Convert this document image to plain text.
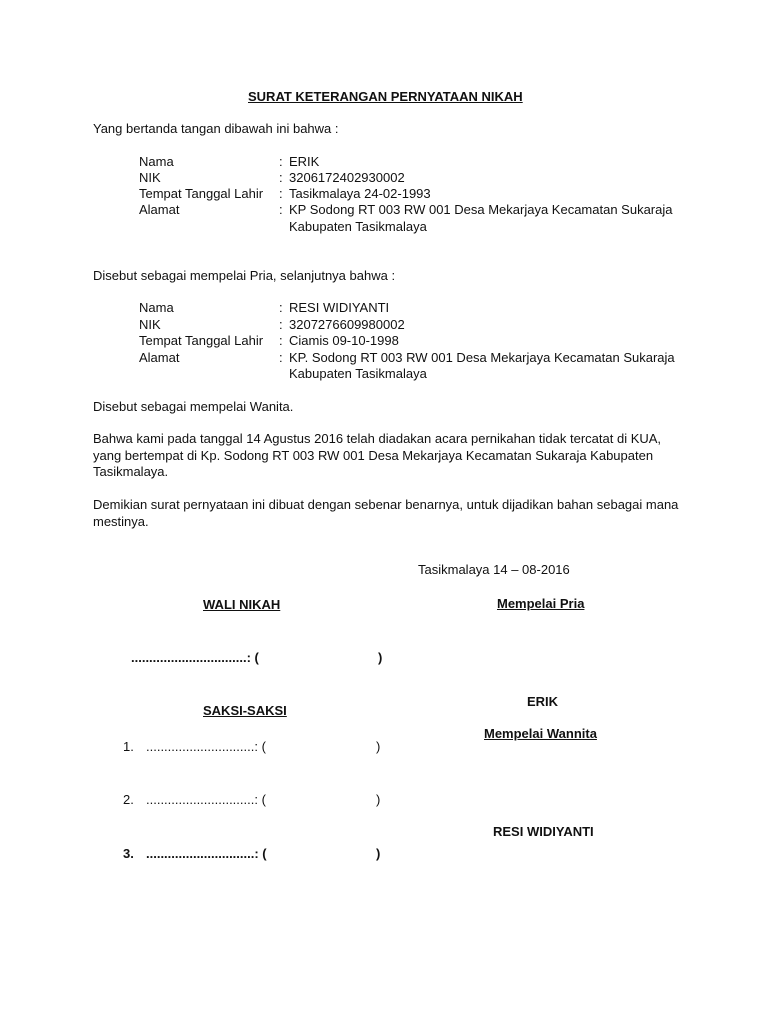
SURAT KETERANGAN PERNYATAAN NIKAH
Yang bertanda tangan dibawah ini bahwa :
Nama	: ERIK
NIK	: 3206172402930002
Tempat Tanggal Lahir : Tasikmalaya 24-02-1993
Alamat	: KP Sodong RT 003 RW 001 Desa Mekarjaya Kecamatan Sukaraja
Kabupaten Tasikmalaya
Disebut sebagai mempelai Pria, selanjutnya bahwa :
Nama	: RESI WIDIYANTI
NIK	: 3207276609980002
Tempat Tanggal Lahir : Ciamis 09-10-1998
Alamat	: KP. Sodong RT 003 RW 001 Desa Mekarjaya Kecamatan Sukaraja
Kabupaten Tasikmalaya
Disebut sebagai mempelai Wanita.
Bahwa kami pada tanggal 14 Agustus 2016 telah diadakan acara pernikahan tidak tercatat di KUA, yang bertempat di Kp. Sodong RT 003 RW 001 Desa Mekarjaya Kecamatan Sukaraja Kabupaten Tasikmalaya.
Demikian surat pernyataan ini dibuat dengan sebenar benarnya, untuk dijadikan bahan sebagai mana mestinya.
Tasikmalaya 14 – 08-2016
WALI NIKAH
................................: (	)
SAKSI-SAKSI
1. ..............................: (	)
2. ..............................: (	)
3. ..............................: (	)
Mempelai Pria
ERIK
Mempelai Wannita
RESI WIDIYANTI
